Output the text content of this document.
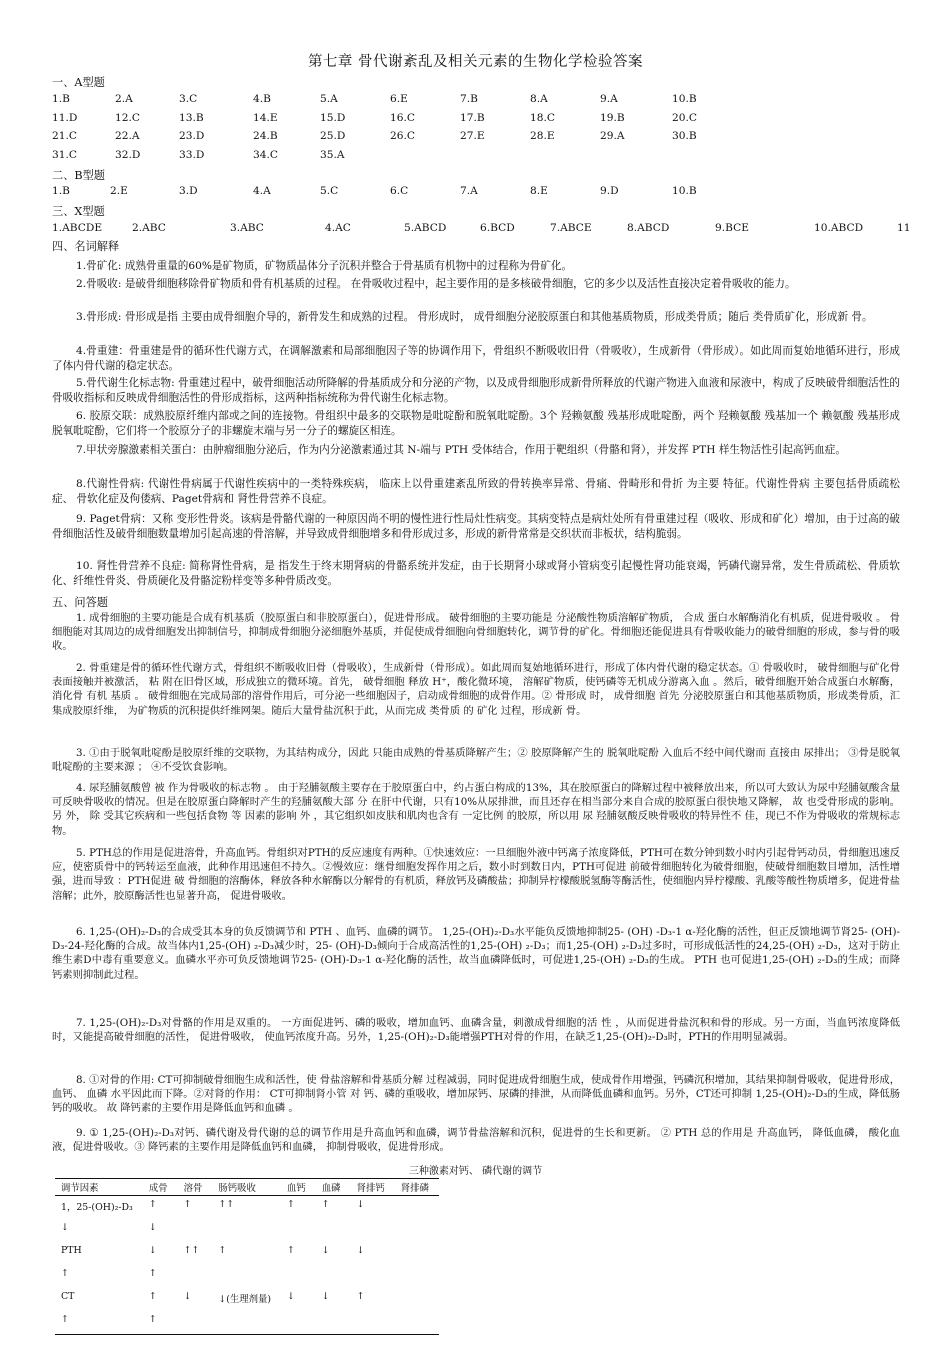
第七章 骨代谢紊乱及相关元素的生物化学检验答案
一、A型题
1.B	2.A	3.C	4.B	5.A	6.E	7.B	8.A	9.A	10.B
11.D	12.C	13.B	14.E	15.D	16.C	17.B	18.C	19.B	20.C
21.C	22.A	23.D	24.B	25.D	26.C	27.E	28.E	29.A	30.B
31.C	32.D	33.D	34.C	35.A
二、B型题
1.B	2.E	3.D	4.A	5.C	6.C	7.A	8.E	9.D	10.B
三、X型题
1.ABCDE	2.ABC	3.ABC	4.AC	5.ABCD	6.BCD	7.ABCE	8.ABCD	9.BCE	10.ABCD	11
四、名词解释
1.骨矿化: 成熟骨重量的60%是矿物质，矿物质晶体分子沉积并整合于骨基质有机物中的过程称为骨矿化。
2.骨吸收: 是破骨细胞移除骨矿物质和骨有机基质的过程。 在骨吸收过程中，起主要作用的是多核破骨细胞，它的多少以及活性直接决定着骨吸收的能力。
3.骨形成: 骨形成是指 主要由成骨细胞介导的，新骨发生和成熟的过程。 骨形成时， 成骨细胞分泌胶原蛋白和其他基质物质，形成类骨质；随后 类骨质矿化，形成新 骨。
4.骨重建：骨重建是骨的循环性代谢方式，在调解激素和局部细胞因子等的协调作用下，骨组织不断吸收旧骨（骨吸收），生成新骨（骨形成）。如此周而复始地循环进行，形成了体内骨代谢的稳定状态。
5.骨代谢生化标志物: 骨重建过程中，破骨细胞活动所降解的骨基质成分和分泌的产物，以及成骨细胞形成新骨所释放的代谢产物进入血液和尿液中，构成了反映破骨细胞活性的骨吸收指标和反映成骨细胞活性的骨形成指标，这两种指标统称为骨代谢生化标志物。
6. 胶原交联：成熟胶原纤维内部或之间的连接物。骨组织中最多的交联物是吡啶酚和脱氧吡啶酚。3个 羟赖氨酸 残基形成吡啶酚，两个 羟赖氨酸 残基加一个 赖氨酸 残基形成脱氧吡啶酚，它们将一个胶原分子的非螺旋末端与另一分子的螺旋区相连。
7.甲状旁腺激素相关蛋白：由肿瘤细胞分泌后，作为内分泌激素通过其 N-端与 PTH 受体结合，作用于靶组织（骨骼和肾），并发挥 PTH 样生物活性引起高钙血症。
8.代谢性骨病: 代谢性骨病属于代谢性疾病中的一类特殊疾病， 临床上以骨重建紊乱所致的骨转换率异常、骨痛、骨畸形和骨折 为主要 特征。代谢性骨病 主要包括骨质疏松症、 骨软化症及佝偻病、Paget骨病和 肾性骨营养不良症。
9. Paget骨病：又称 变形性骨炎。该病是骨骼代谢的一种原因尚不明的慢性进行性局灶性病变。其病变特点是病灶处所有骨重建过程（吸收、形成和矿化）增加，由于过高的破骨细胞活性及破骨细胞数量增加引起高速的骨溶解，并导致成骨细胞增多和骨形成过多，形成的新骨常常是交织状而非板状，结构脆弱。
10. 肾性骨营养不良症: 简称肾性骨病，是 指发生于终末期肾病的骨骼系统并发症，由于长期肾小球或肾小管病变引起慢性肾功能衰竭，钙磷代谢异常，发生骨质疏松、骨质软化、纤维性骨炎、骨质硬化及骨骼淀粉样变等多种骨质改变。
五、问答题
1. 成骨细胞的主要功能是合成有机基质（胶原蛋白和非胶原蛋白），促进骨形成。 破骨细胞的主要功能是 分泌酸性物质溶解矿物质， 合成 蛋白水解酶消化有机质，促进骨吸收 。 骨细胞能对其周边的成骨细胞发出抑制信号，抑制成骨细胞分泌细胞外基质，并促使成骨细胞向骨细胞转化，调节骨的矿化。骨细胞还能促进具有骨吸收能力的破骨细胞的形成，参与骨的吸收。
2. 骨重建是骨的循环性代谢方式，骨组织不断吸收旧骨（骨吸收），生成新骨（骨形成）。如此周而复始地循环进行，形成了体内骨代谢的稳定状态。① 骨吸收时， 破骨细胞与矿化骨表面接触并被激活， 粘 附在旧骨区域，形成独立的微环境。首先， 破骨细胞 释放 H⁺，酸化微环境， 溶解矿物质，使钙磷等无机成分游离入血 。然后，破骨细胞开始合成蛋白水解酶， 消化骨 有机 基质 。 破骨细胞在完成局部的溶骨作用后，可分泌一些细胞因子，启动成骨细胞的成骨作用。② 骨形成 时， 成骨细胞 首先 分泌胶原蛋白和其他基质物质，形成类骨质，汇集成胶原纤维， 为矿物质的沉积提供纤维网架。随后大量骨盐沉积于此，从而完成 类骨质 的 矿化 过程，形成新 骨。
3. ①由于脱氧吡啶酚是胶原纤维的交联物，为其结构成分，因此 只能由成熟的骨基质降解产生；② 胶原降解产生的 脱氧吡啶酚 入血后不经中间代谢而 直接由 尿排出； ③骨是脱氧吡啶酚的主要来源 ； ④不受饮食影响。
4. 尿羟脯氨酸曾 被 作为骨吸收的标志物 。 由于羟脯氨酸主要存在于胶原蛋白中，约占蛋白构成的13%，其在胶原蛋白的降解过程中被释放出来，所以可大致认为尿中羟脯氨酸含量可反映骨吸收的情况。但是在胶原蛋白降解时产生的羟脯氨酸大部 分 在肝中代谢，只有10%从尿排泄，而且还存在相当部分来自合成的胶原蛋白很快地又降解， 故 也受骨形成的影响。 另 外， 除 受其它疾病和一些包括食物 等 因素的影响 外 ，其它组织如皮肤和肌肉也含有 一定比例 的胶原，所以用 尿 羟脯氨酸反映骨吸收的特异性不 佳，现已不作为骨吸收的常规标志物。
5. PTH总的作用是促进溶骨，升高血钙。骨组织对PTH的反应速度有两种。①快速效应：一旦细胞外液中钙离子浓度降低，PTH可在数分钟到数小时内引起骨钙动员，骨细胞迅速反应，使密质骨中的钙转运至血液，此种作用迅速但不持久。②慢效应：继骨细胞发挥作用之后，数小时到数日内，PTH可促进 前破骨细胞转化为破骨细胞，使破骨细胞数目增加，活性增强，进而导致 ：PTH促进 破 骨细胞的溶酶体，释放各种水解酶以分解骨的有机质，释放钙及磷酸盐；抑制异柠檬酸脱氢酶等酶活性，使细胞内异柠檬酸、乳酸等酸性物质增多，促进骨盐溶解；此外，胶原酶活性也显著升高， 促进骨吸收。
6. 1,25-(OH)₂-D₃的合成受其本身的负反馈调节和 PTH 、血钙、血磷的调节。 1,25-(OH)₂-D₃水平能负反馈地抑制25- (OH) -D₃-1 α-羟化酶的活性，但正反馈地调节肾25- (OH)-D₃-24-羟化酶的合成。故当体内1,25-(OH) ₂-D₃减少时，25- (OH)-D₃倾向于合成高活性的1,25-(OH) ₂-D₃；而1,25-(OH) ₂-D₃过多时，可形成低活性的24,25-(OH) ₂-D₃，这对于防止维生素D中毒有重要意义。血磷水平亦可负反馈地调节25- (OH)-D₃-1 α-羟化酶的活性，故当血磷降低时，可促进1,25-(OH) ₂-D₃的生成。 PTH 也可促进1,25-(OH) ₂-D₃的生成；而降钙素则抑制此过程。
7. 1,25-(OH)₂-D₃对骨骼的作用是双重的。 一方面促进钙、磷的吸收，增加血钙、血磷含量，刺激成骨细胞的活 性 ，从而促进骨盐沉积和骨的形成。另一方面，当血钙浓度降低时，又能提高破骨细胞的活性， 促进骨吸收， 使血钙浓度升高。另外，1,25-(OH)₂-D₃能增强PTH对骨的作用，在缺乏1,25-(OH)₂-D₃时，PTH的作用明显减弱。
8. ①对骨的作用: CT可抑制破骨细胞生成和活性，使 骨盐溶解和骨基质分解 过程减弱，同时促进成骨细胞生成，使成骨作用增强，钙磷沉积增加，其结果抑制骨吸收，促进骨形成，血钙、 血磷 水平因此而下降。②对肾的作用： CT可抑制肾小管 对 钙、磷的重吸收，增加尿钙、尿磷的排泄，从而降低血磷和血钙。另外，CT还可抑制 1,25-(OH)₂-D₃的生成，降低肠钙的吸收。 故 降钙素的主要作用是降低血钙和血磷 。
9. ① 1,25-(OH)₂-D₃对钙、磷代谢及骨代谢的总的调节作用是升高血钙和血磷，调节骨盐溶解和沉积，促进骨的生长和更新。 ② PTH 总的作用是 升高血钙， 降低血磷， 酸化血液，促进骨吸收。③ 降钙素的主要作用是降低血钙和血磷， 抑制骨吸收，促进骨形成。
三种激素对钙、 磷代谢的调节
调节因素	成骨	溶骨	肠钙吸收	血钙	血磷	肾排钙	肾排磷
1，25-(OH)₂-D₃	↑	↑	↑↑	↑	↑	↓	
↓	↓						
PTH	↓	↑↑	↑	↑	↓	↓	
↑	↑						
CT	↑	↓	↓(生理剂量)	↓	↓	↑	
↑	↑						
